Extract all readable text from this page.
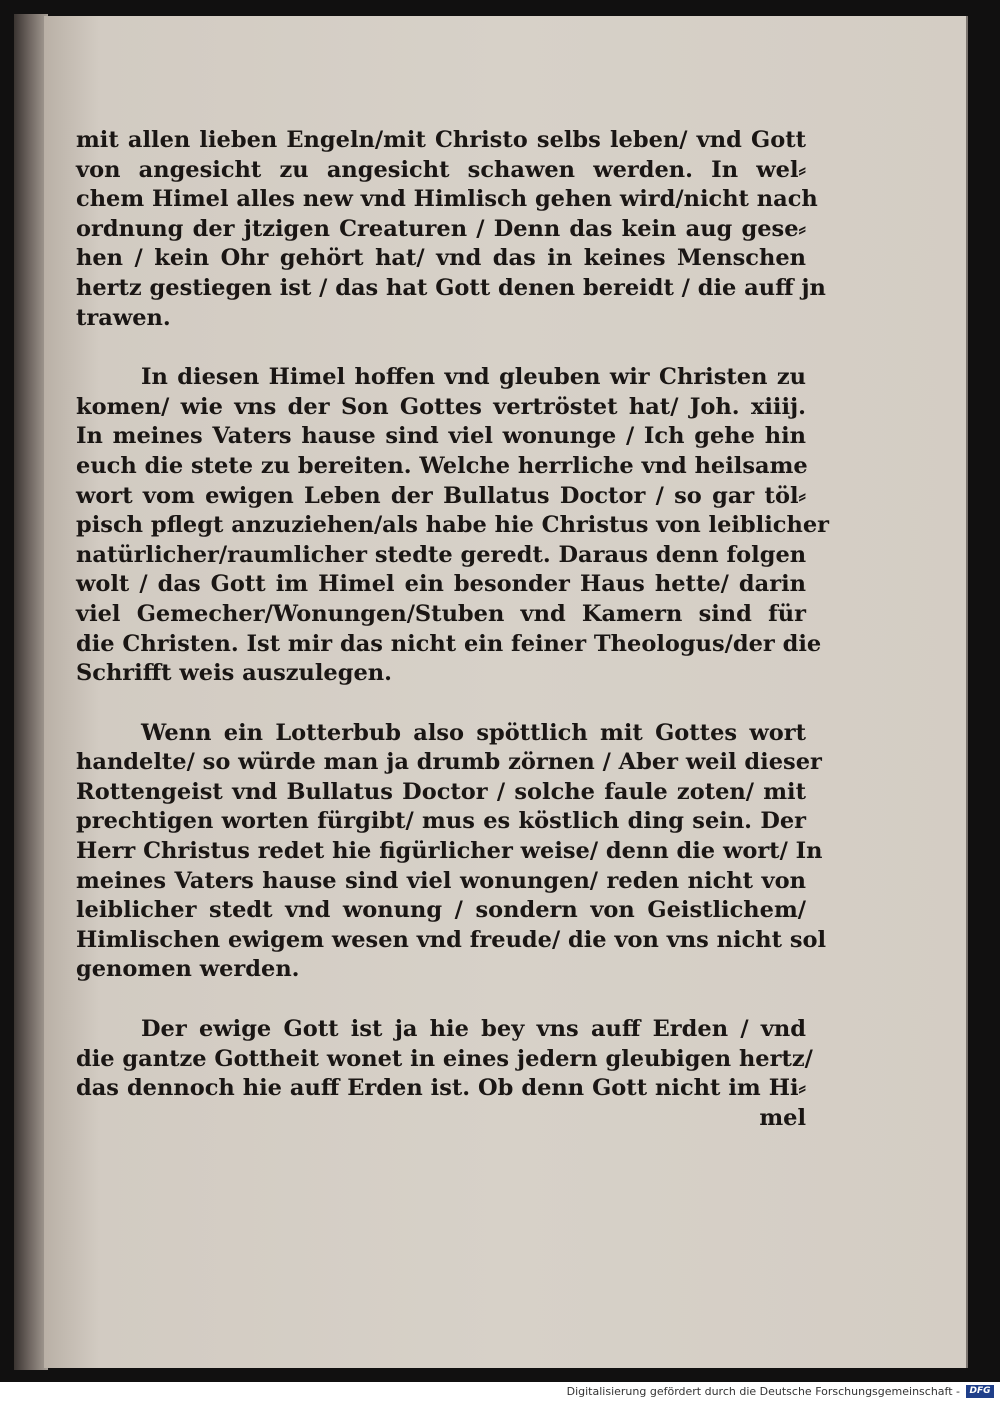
mit allen lieben Engeln/mit Christo selbs leben/ vnd Gott
von angesicht zu angesicht schawen werden. In wel⸗
chem Himel alles new vnd Himlisch gehen wird/nicht nach
ordnung der jtzigen Creaturen / Denn das kein aug gese⸗
hen / kein Ohr gehört hat/ vnd das in keines Menschen
hertz gestiegen ist / das hat Gott denen bereidt / die auff jn
trawen.
In diesen Himel hoffen vnd gleuben wir Christen zu
komen/ wie vns der Son Gottes vertröstet hat/ Joh. xiiij.
In meines Vaters hause sind viel wonunge / Ich gehe hin
euch die stete zu bereiten. Welche herrliche vnd heilsame
wort vom ewigen Leben der Bullatus Doctor / so gar töl⸗
pisch pflegt anzuziehen/als habe hie Christus von leiblicher
natürlicher/raumlicher stedte geredt. Daraus denn folgen
wolt / das Gott im Himel ein besonder Haus hette/ darin
viel Gemecher/Wonungen/Stuben vnd Kamern sind für
die Christen. Ist mir das nicht ein feiner Theologus/der die
Schrifft weis auszulegen.
Wenn ein Lotterbub also spöttlich mit Gottes wort
handelte/ so würde man ja drumb zörnen / Aber weil dieser
Rottengeist vnd Bullatus Doctor / solche faule zoten/ mit
prechtigen worten fürgibt/ mus es köstlich ding sein. Der
Herr Christus redet hie figürlicher weise/ denn die wort/ In
meines Vaters hause sind viel wonungen/ reden nicht von
leiblicher stedt vnd wonung / sondern von Geistlichem/
Himlischen ewigem wesen vnd freude/ die von vns nicht sol
genomen werden.
Der ewige Gott ist ja hie bey vns auff Erden / vnd
die gantze Gottheit wonet in eines jedern gleubigen hertz/
das dennoch hie auff Erden ist. Ob denn Gott nicht im Hi⸗
mel
Digitalisierung gefördert durch die Deutsche Forschungsgemeinschaft -	DFG
